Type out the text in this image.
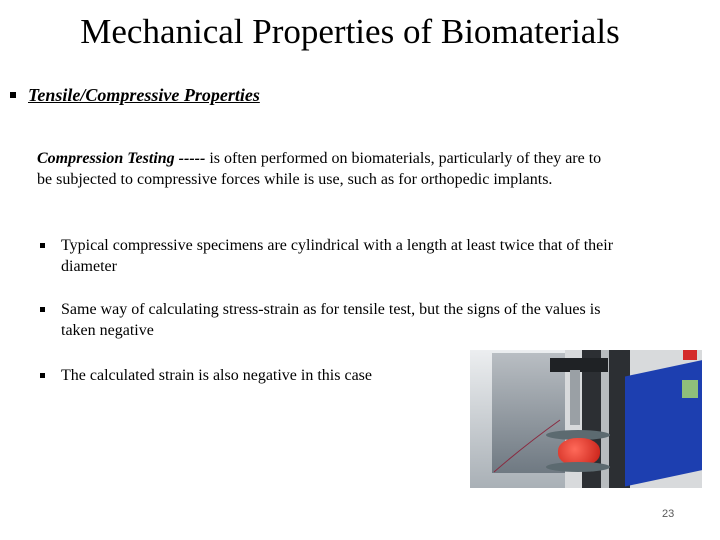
Mechanical Properties of Biomaterials
Tensile/Compressive Properties
Compression Testing ----- is often performed on biomaterials, particularly of they are to be subjected to compressive forces while is use, such as for orthopedic implants.
Typical compressive specimens are cylindrical with a length at least twice that of their diameter
Same way of calculating stress-strain as for tensile test, but the signs of the values is taken negative
The calculated strain is also negative in this case
23
